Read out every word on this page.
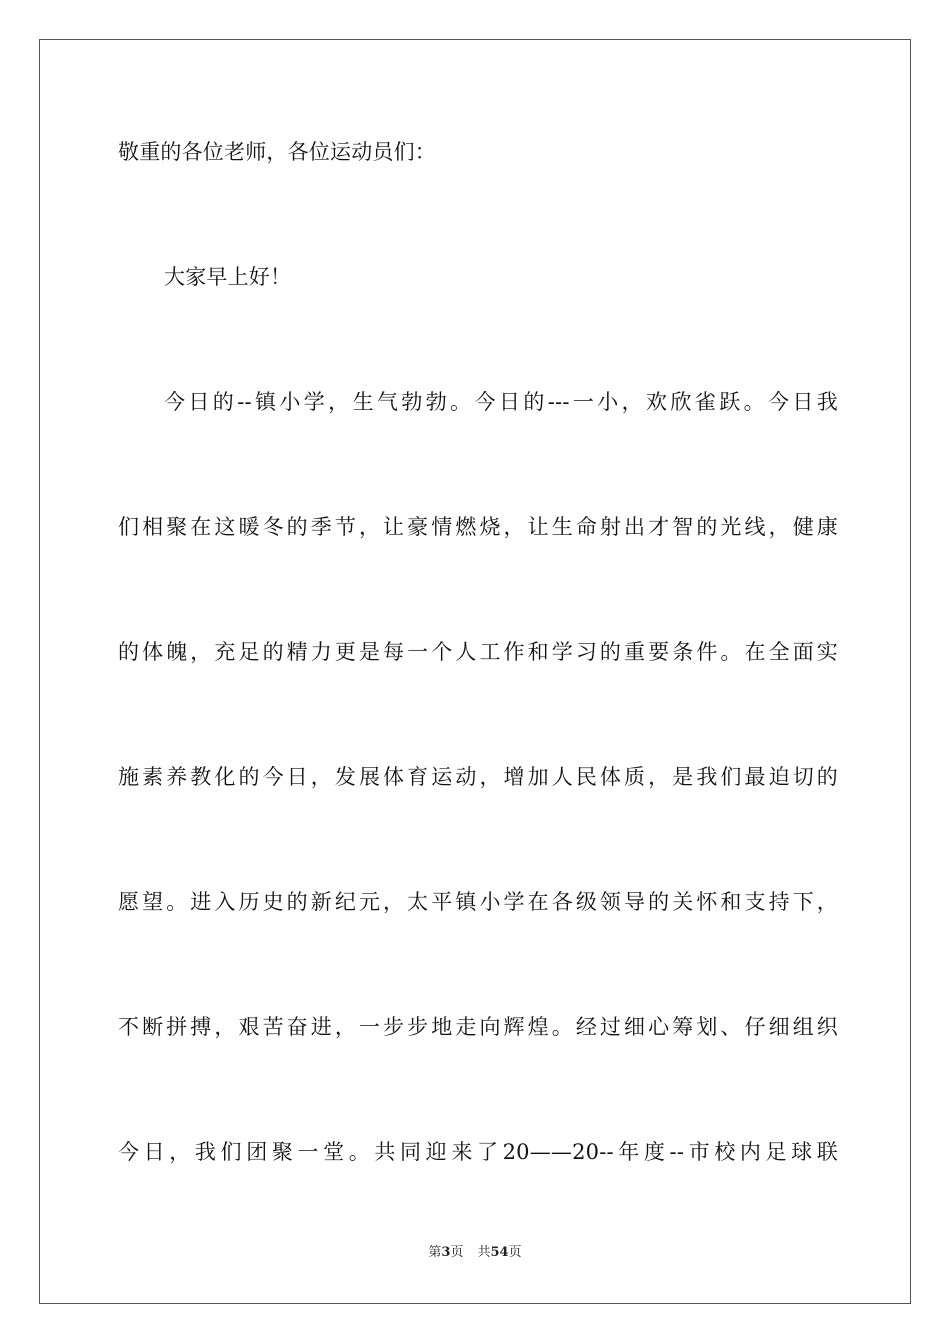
敬重的各位老师，各位运动员们：
大家早上好！
今日的--镇小学，生气勃勃。今日的---一小，欢欣雀跃。今日我
们相聚在这暖冬的季节，让豪情燃烧，让生命射出才智的光线，健康
的体魄，充足的精力更是每一个人工作和学习的重要条件。在全面实
施素养教化的今日，发展体育运动，增加人民体质，是我们最迫切的
愿望。进入历史的新纪元，太平镇小学在各级领导的关怀和支持下，
不断拼搏，艰苦奋进，一步步地走向辉煌。经过细心筹划、仔细组织
今日，我们团聚一堂。共同迎来了20——20--年度--市校内足球联
第3页 共54页
